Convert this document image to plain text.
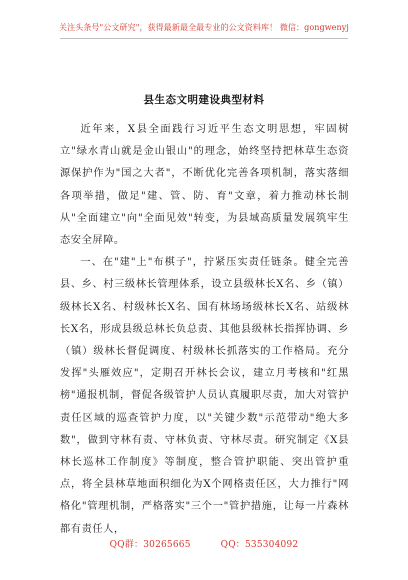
关注头条号"公文研究"，获得最新最全最专业的公文资料库！ 微信：gongwenyj
县生态文明建设典型材料

近年来，X县全面践行习近平生态文明思想，牢固树立"绿水青山就是金山银山"的理念，始终坚持把林草生态资源保护作为"国之大者"，不断优化完善各项机制，落实落细各项举措，做足"建、管、防、育"文章，着力推动林长制从"全面建立"向"全面见效"转变，为县域高质量发展筑牢生态安全屏障。

一、在"建"上"布棋子"，拧紧压实责任链条。健全完善县、乡、村三级林长管理体系，设立县级林长X名、乡（镇）级林长X名、村级林长X名、国有林场场级林长X名、站级林长X名，形成县级总林长负总责、其他县级林长指挥协调、乡（镇）级林长督促调度、村级林长抓落实的工作格局。充分发挥"头雁效应"，定期召开林长会议，建立月考核和"红黑榜"通报机制，督促各级管护人员认真履职尽责，加大对管护责任区域的巡查管护力度，以"关键少数"示范带动"绝大多数"，做到守林有责、守林负责、守林尽责。研究制定《X县林长巡林工作制度》等制度，整合管护职能、突出管护重点，将全县林草地面积细化为X个网格责任区，大力推行"网格化"管理机制，严格落实"三个一"管护措施，让每一片森林都有责任人，

QQ群：30265665	QQ：535304092
